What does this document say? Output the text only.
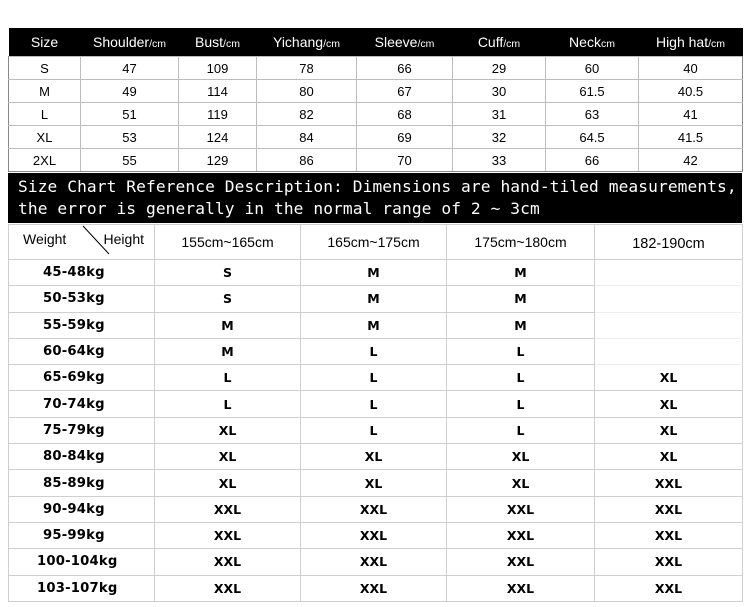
Size	Shoulder/cm	Bust/cm	Yichang/cm	Sleeve/cm	Cuff/cm	Neckcm	High hat/cm
S	47	109	78	66	29	60	40
M	49	114	80	67	30	61.5	40.5
L	51	119	82	68	31	63	41
XL	53	124	84	69	32	64.5	41.5
2XL	55	129	86	70	33	66	42
Size Chart Reference Description: Dimensions are hand-tiled measurements,
the error is generally in the normal range of 2 ~ 3cm
Weight Height	155cm~165cm	165cm~175cm	175cm~180cm	182-190cm
45-48kg	S	M	M	
50-53kg	S	M	M	
55-59kg	M	M	M	
60-64kg	M	L	L	
65-69kg	L	L	L	XL
70-74kg	L	L	L	XL
75-79kg	XL	L	L	XL
80-84kg	XL	XL	XL	XL
85-89kg	XL	XL	XL	XXL
90-94kg	XXL	XXL	XXL	XXL
95-99kg	XXL	XXL	XXL	XXL
100-104kg	XXL	XXL	XXL	XXL
103-107kg	XXL	XXL	XXL	XXL
